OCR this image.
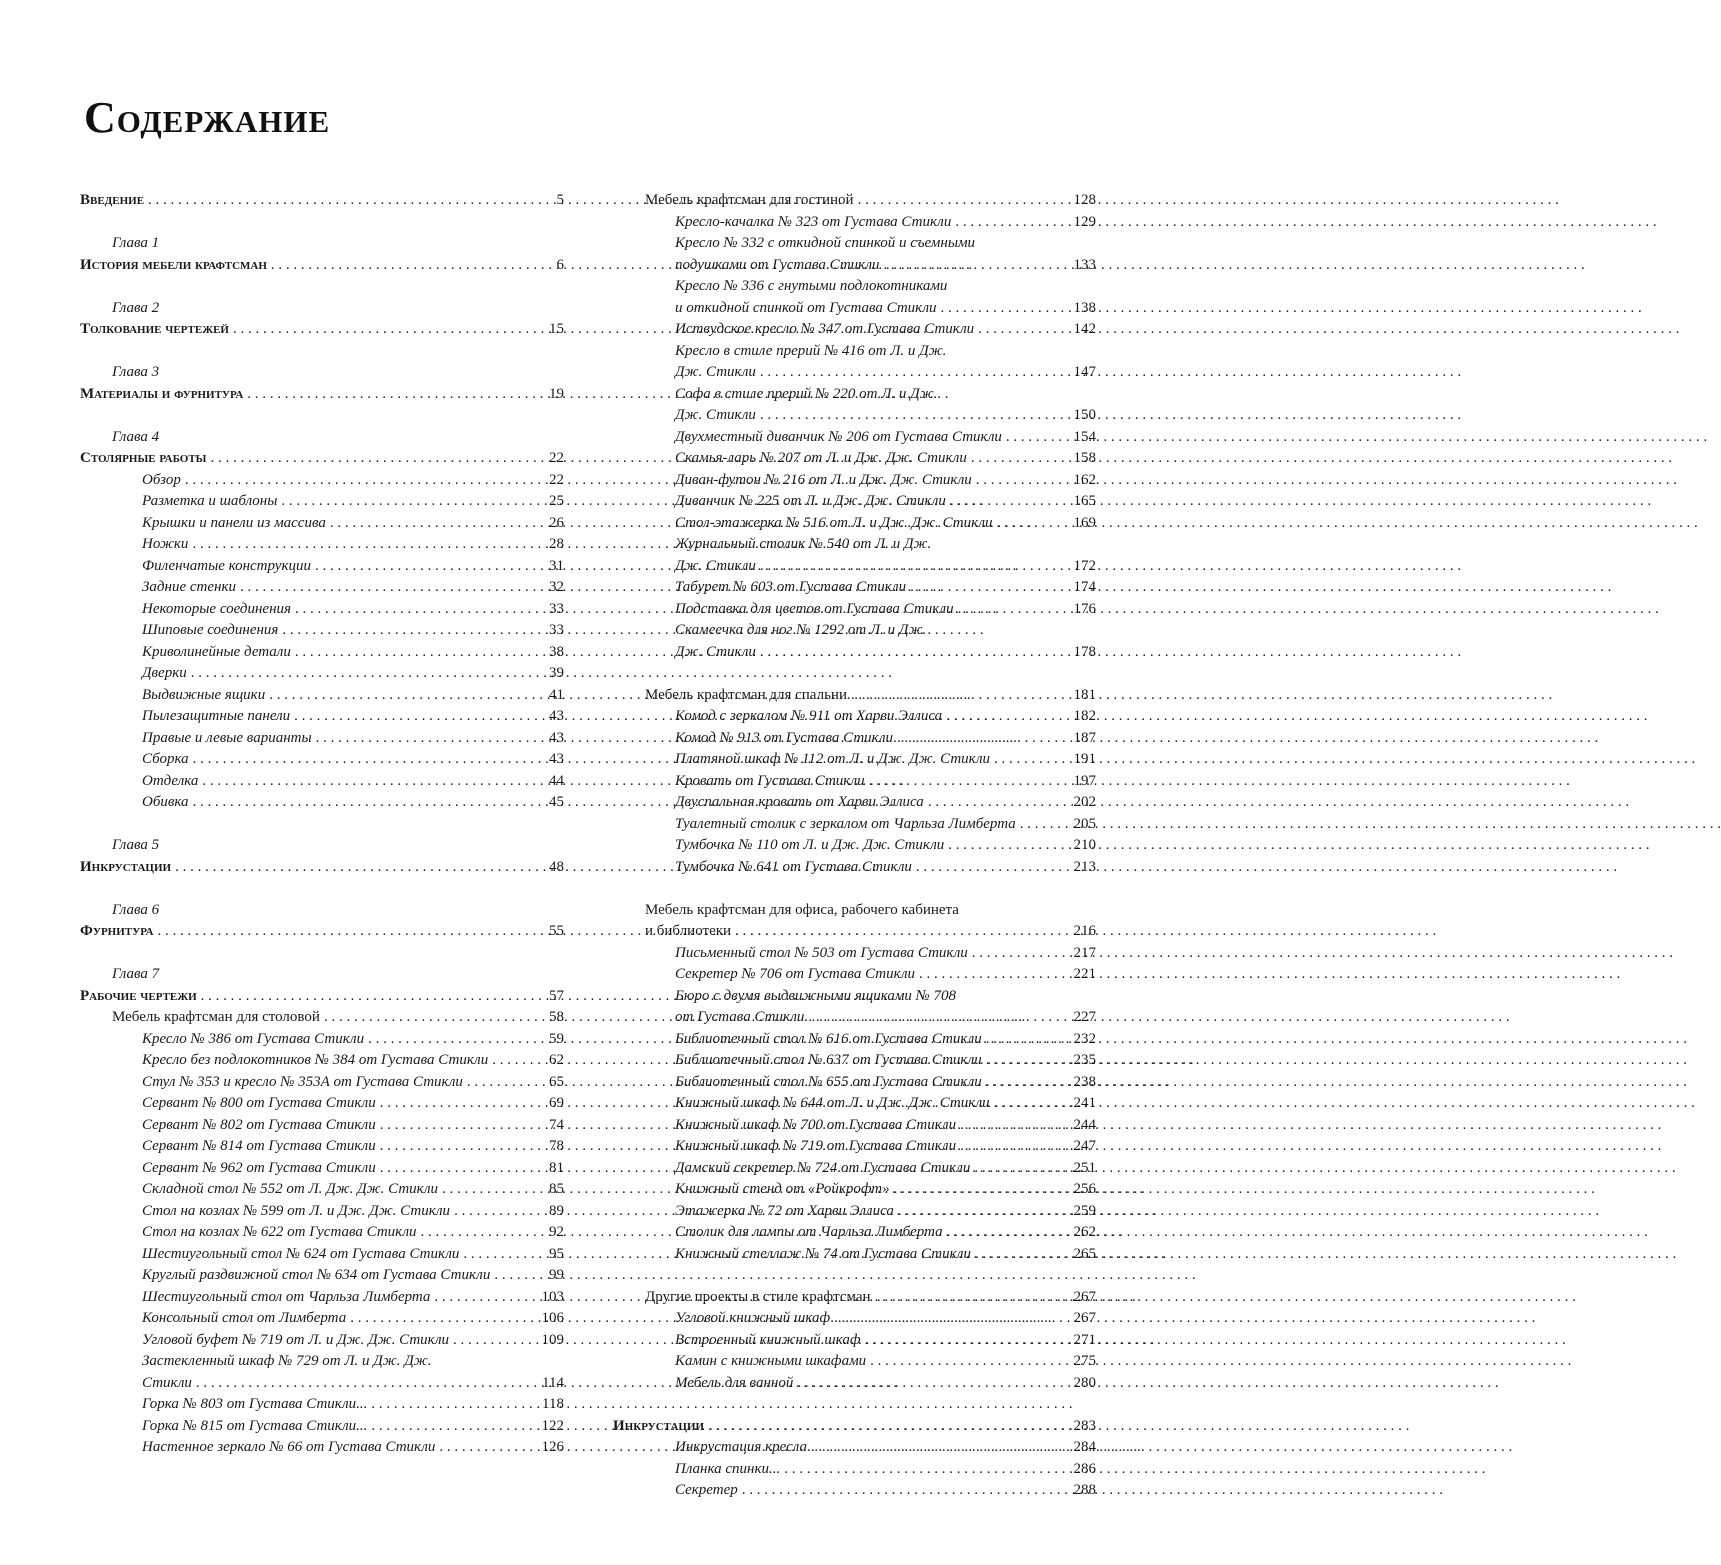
Содержание
Введение . . .	5
Глава 1
История мебели крафтсман . . .	6
Глава 2
Толкование чертежей . . .	15
Глава 3
Материалы и фурнитура . . .	19
Глава 4
Столярные работы . . .	22
Обзор . . .	22
Разметка и шаблоны . . .	25
Крышки и панели из массива . . .	26
Ножки . . .	28
Филенчатые конструкции . . .	31
Задние стенки . . .	32
Некоторые соединения . . .	33
Шиповые соединения . . .	33
Криволинейные детали . . .	38
Дверки . . .	39
Выдвижные ящики . . .	41
Пылезащитные панели . . .	43
Правые и левые варианты . . .	43
Сборка . . .	43
Отделка . . .	44
Обивка . . .	45
Глава 5
Инкрустации . . .	48
Глава 6
Фурнитура . . .	55
Глава 7
Рабочие чертежи . . .	57
Мебель крафтсман для столовой . . .	58
Кресло № 386 от Густава Стикли . . .	59
Кресло без подлокотников № 384 от Густава Стикли . . .	62
Стул № 353 и кресло № 353А от Густава Стикли . . .	65
Сервант № 800 от Густава Стикли . . .	69
Сервант № 802 от Густава Стикли . . .	74
Сервант № 814 от Густава Стикли . . .	78
Сервант № 962 от Густава Стикли . . .	81
Складной стол № 552 от Л. Дж. Дж. Стикли . . .	85
Стол на козлах № 599 от Л. и Дж. Дж. Стикли . . .	89
Стол на козлах № 622 от Густава Стикли . . .	92
Шестиугольный стол № 624 от Густава Стикли . . .	95
Круглый раздвижной стол № 634 от Густава Стикли . . .	99
Шестиугольный стол от Чарльза Лимберта . . .	103
Консольный стол от Лимберта . . .	106
Угловой буфет № 719 от Л. и Дж. Дж. Стикли . . .	109
Застекленный шкаф № 729 от Л. и Дж. Дж.
Стикли . . .	114
Горка № 803 от Густава Стикли... . . .	118
Горка № 815 от Густава Стикли... . . .	122
Настенное зеркало № 66 от Густава Стикли . . .	126
Мебель крафтсман для гостиной . . .	128
Кресло-качалка № 323 от Густава Стикли . . .	129
Кресло № 332 с откидной спинкой и съемными
подушками от Густава Стикли . . .	133
Кресло № 336 с гнутыми подлокотниками
и откидной спинкой от Густава Стикли . . .	138
Иствудское кресло № 347 от Густава Стикли . . .	142
Кресло в стиле прерий № 416 от Л. и Дж.
Дж. Стикли . . .	147
Софа в стиле прерий № 220 от Л. и Дж.
Дж. Стикли . . .	150
Двухместный диванчик № 206 от Густава Стикли . . .	154
Скамья-ларь № 207 от Л. и Дж. Дж. Стикли . . .	158
Диван-футон № 216 от Л. и Дж. Дж. Стикли . . .	162
Диванчик № 225 от Л. и Дж. Дж. Стикли . . .	165
Стол-этажерка № 516 от Л. и Дж. Дж. Стикли . . .	169
Журнальный столик № 540 от Л. и Дж.
Дж. Стикли . . .	172
Табурет № 603 от Густава Стикли . . .	174
Подставка для цветов от Густава Стикли . . .	176
Скамеечка для ног № 1292 от Л. и Дж.
Дж. Стикли . . .	178
Мебель крафтсман для спальни . . .	181
Комод с зеркалом № 911 от Харви Эллиса . . .	182
Комод № 913 от Густава Стикли . . .	187
Платяной шкаф № 112 от Л. и Дж. Дж. Стикли . . .	191
Кровать от Густава Стикли . . .	197
Двуспальная кровать от Харви Эллиса . . .	202
Туалетный столик с зеркалом от Чарльза Лимберта . . .	205
Тумбочка № 110 от Л. и Дж. Дж. Стикли . . .	210
Тумбочка № 641 от Густава Стикли . . .	213
Мебель крафтсман для офиса, рабочего кабинета
и библиотеки . . .	216
Письменный стол № 503 от Густава Стикли . . .	217
Секретер № 706 от Густава Стикли . . .	221
Бюро с двумя выдвижными ящиками № 708
от Густава Стикли . . .	227
Библиотечный стол № 616 от Густава Стикли . . .	232
Библиотечный стол № 637 от Густава Стикли . . .	235
Библиотечный стол № 655 от Густава Стикли . . .	238
Книжный шкаф № 644 от Л. и Дж. Дж. Стикли . . .	241
Книжный шкаф № 700 от Густава Стикли . . .	244
Книжный шкаф № 719 от Густава Стикли . . .	247
Дамский секретер № 724 от Густава Стикли . . .	251
Книжный стенд от «Ройкрофт» . . .	256
Этажерка № 72 от Харви Эллиса . . .	259
Столик для лампы от Чарльза Лимберта . . .	262
Книжный стеллаж № 74 от Густава Стикли . . .	265
Другие проекты в стиле крафтсман . . .	267
Угловой книжный шкаф . . .	267
Встроенный книжный шкаф . . .	271
Камин с книжными шкафами . . .	275
Мебель для ванной . . .	280
Инкрустации . . .	283
Инкрустация кресла . . .	284
Планка спинки... . . .	286
Секретер . . .	288
